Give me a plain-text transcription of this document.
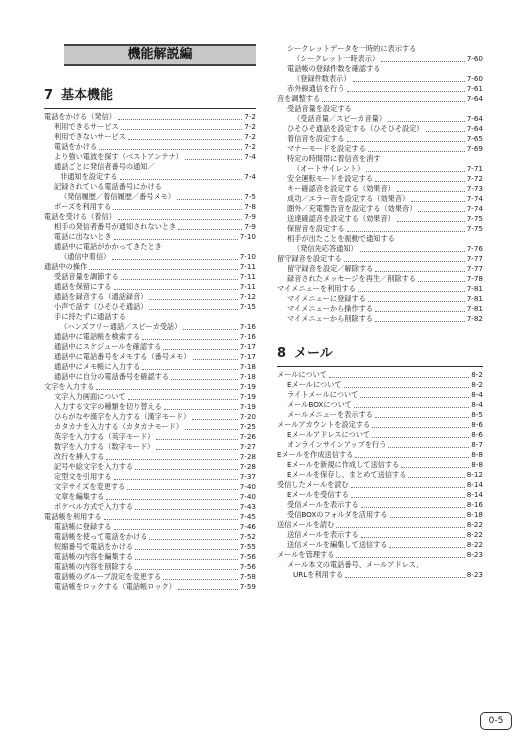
機能解説編
7 基本機能
電話をかける（発信）	7-2
利用できるサービス	7-2
利用できないサービス	7-2
電話をかける	7-2
より強い電波を探す（ベストアンテナ）	7-4
通話ごとに発信者番号の通知／
非通知を設定する	7-4
記録されている電話番号にかける
（発信履歴／着信履歴／番号メモ）	7-5
ポーズを利用する	7-8
電話を受ける（着信）	7-9
相手の発信者番号が通知されないとき	7-9
電話に出ないとき	7-10
通話中に電話がかかってきたとき
（通信中着信）	7-10
通話中の操作	7-11
受話音量を調節する	7-11
通話を保留にする	7-11
通話を録音する（通話録音）	7-12
小声で話す（ひそひそ通話）	7-15
手に持たずに通話する
（ハンズフリー通話／スピーカ受話）	7-16
通話中に電話帳を検索する	7-16
通話中にスケジュールを確認する	7-17
通話中に電話番号をメモする（番号メモ）	7-17
通話中にメモ帳に入力する	7-18
通話中に自分の電話番号を確認する	7-18
文字を入力する	7-19
文字入力画面について	7-19
入力する文字の種類を切り替える	7-19
ひらがなや漢字を入力する（漢字モード）	7-20
カタカナを入力する（カタカナモード）	7-25
英字を入力する（英字モード）	7-26
数字を入力する（数字モード）	7-27
改行を挿入する	7-28
記号や絵文字を入力する	7-28
定型文を引用する	7-37
文字サイズを変更する	7-40
文章を編集する	7-40
ポケベル方式で入力する	7-43
電話帳を利用する	7-45
電話帳に登録する	7-46
電話帳を使って電話をかける	7-52
短縮番号で電話をかける	7-55
電話帳の内容を編集する	7-56
電話帳の内容を削除する	7-56
電話帳のグループ設定を変更する	7-58
電話帳をロックする（電話帳ロック）	7-59
シークレットデータを一時的に表示する
（シークレット一時表示）	7-60
電話帳の登録件数を確認する
（登録件数表示）	7-60
赤外線通信を行う	7-61
音を調整する	7-64
受話音量を設定する
（受話音量／スピーカ音量）	7-64
ひそひそ通話を設定する（ひそひそ設定）	7-64
着信音を設定する	7-65
マナーモードを設定する	7-69
特定の時間帯に着信音を消す
（オートサイレント）	7-71
安全運転モードを設定する	7-72
キー確認音を設定する（効果音）	7-73
成功／エラー音を設定する（効果音）	7-74
圏外／充電警告音を設定する（効果音）	7-74
送達確認音を設定する（効果音）	7-75
保留音を設定する	7-75
相手が出たことを振動で通知する
（発信先応答通知）	7-76
留守録音を設定する	7-77
留守録音を設定／解除する	7-77
録音されたメッセージを再生／削除する	7-78
マイメニューを利用する	7-81
マイメニューに登録する	7-81
マイメニューから操作する	7-81
マイメニューから削除する	7-82
8 メール
メールについて	8-2
Eメールについて	8-2
ライトメールについて	8-4
メールBOXについて	8-4
メールメニューを表示する	8-5
メールアカウントを設定する	8-6
Eメールアドレスについて	8-6
オンラインサインアップを行う	8-7
Eメールを作成送信する	8-8
Eメールを新規に作成して送信する	8-8
Eメールを保存し、まとめて送信する	8-12
受信したメールを読む	8-14
Eメールを受信する	8-14
受信メールを表示する	8-16
受信BOXのフォルダを活用する	8-18
送信メールを読む	8-22
送信メールを表示する	8-22
送信メールを編集して送信する	8-22
メールを管理する	8-23
メール本文の電話番号、メールアドレス、
URLを利用する	8-23
0-5
